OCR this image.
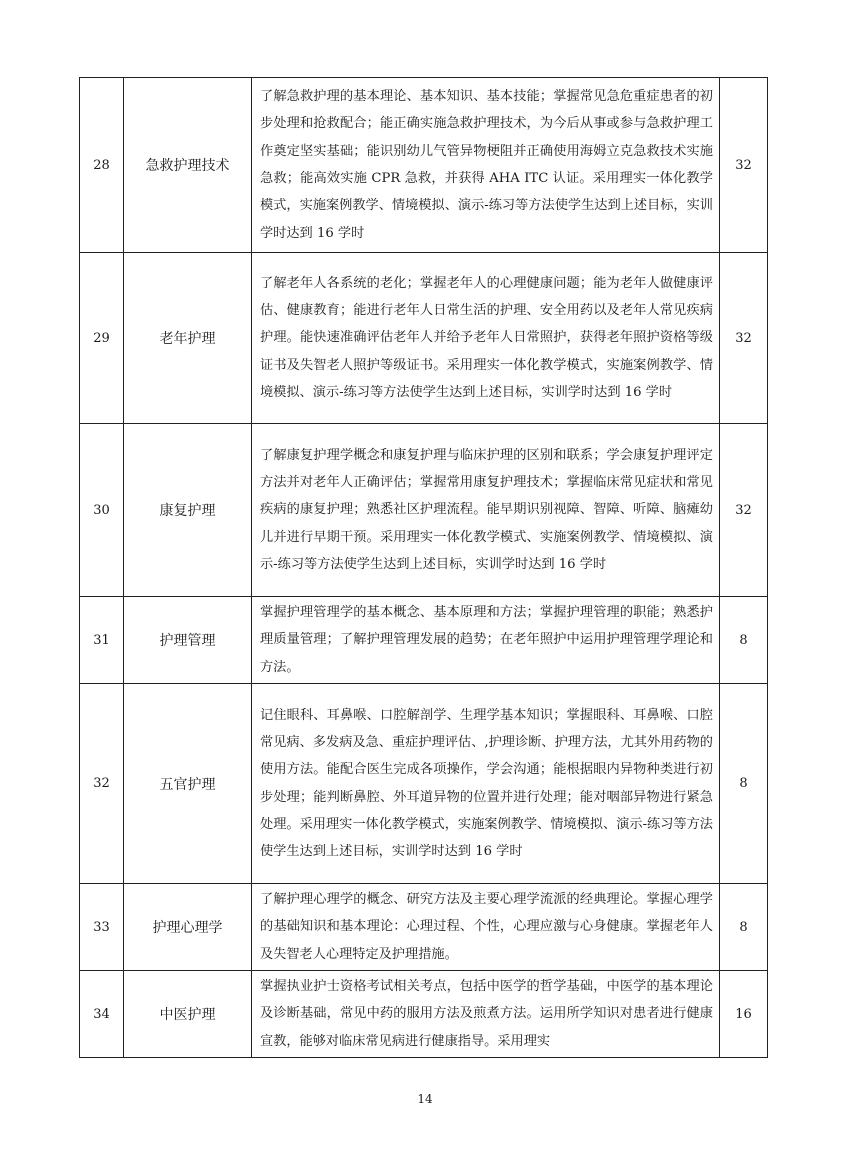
28	急救护理技术	了解急救护理的基本理论、基本知识、基本技能；掌握常见急危重症患者的初步处理和抢救配合；能正确实施急救护理技术，为今后从事或参与急救护理工作奠定坚实基础；能识别幼儿气管异物梗阻并正确使用海姆立克急救技术实施急救；能高效实施 CPR 急救，并获得 AHA ITC 认证。采用理实一体化教学模式，实施案例教学、情境模拟、演示-练习等方法使学生达到上述目标，实训学时达到 16 学时	32
29	老年护理	了解老年人各系统的老化；掌握老年人的心理健康问题；能为老年人做健康评估、健康教育；能进行老年人日常生活的护理、安全用药以及老年人常见疾病护理。能快速准确评估老年人并给予老年人日常照护，获得老年照护资格等级证书及失智老人照护等级证书。采用理实一体化教学模式，实施案例教学、情境模拟、演示-练习等方法使学生达到上述目标，实训学时达到 16 学时	32
30	康复护理	了解康复护理学概念和康复护理与临床护理的区别和联系；学会康复护理评定方法并对老年人正确评估；掌握常用康复护理技术；掌握临床常见症状和常见疾病的康复护理；熟悉社区护理流程。能早期识别视障、智障、听障、脑瘫幼儿并进行早期干预。采用理实一体化教学模式、实施案例教学、情境模拟、演示-练习等方法使学生达到上述目标，实训学时达到 16 学时	32
31	护理管理	掌握护理管理学的基本概念、基本原理和方法；掌握护理管理的职能；熟悉护理质量管理；了解护理管理发展的趋势；在老年照护中运用护理管理学理论和方法。	8
32	五官护理	记住眼科、耳鼻喉、口腔解剖学、生理学基本知识；掌握眼科、耳鼻喉、口腔常见病、多发病及急、重症护理评估、,护理诊断、护理方法，尤其外用药物的使用方法。能配合医生完成各项操作，学会沟通；能根据眼内异物种类进行初步处理；能判断鼻腔、外耳道异物的位置并进行处理；能对咽部异物进行紧急处理。采用理实一体化教学模式，实施案例教学、情境模拟、演示-练习等方法使学生达到上述目标，实训学时达到 16 学时	8
33	护理心理学	了解护理心理学的概念、研究方法及主要心理学流派的经典理论。掌握心理学的基础知识和基本理论：心理过程、个性，心理应激与心身健康。掌握老年人及失智老人心理特定及护理措施。	8
34	中医护理	掌握执业护士资格考试相关考点，包括中医学的哲学基础，中医学的基本理论及诊断基础，常见中药的服用方法及煎煮方法。运用所学知识对患者进行健康宣教，能够对临床常见病进行健康指导。采用理实	16
14
